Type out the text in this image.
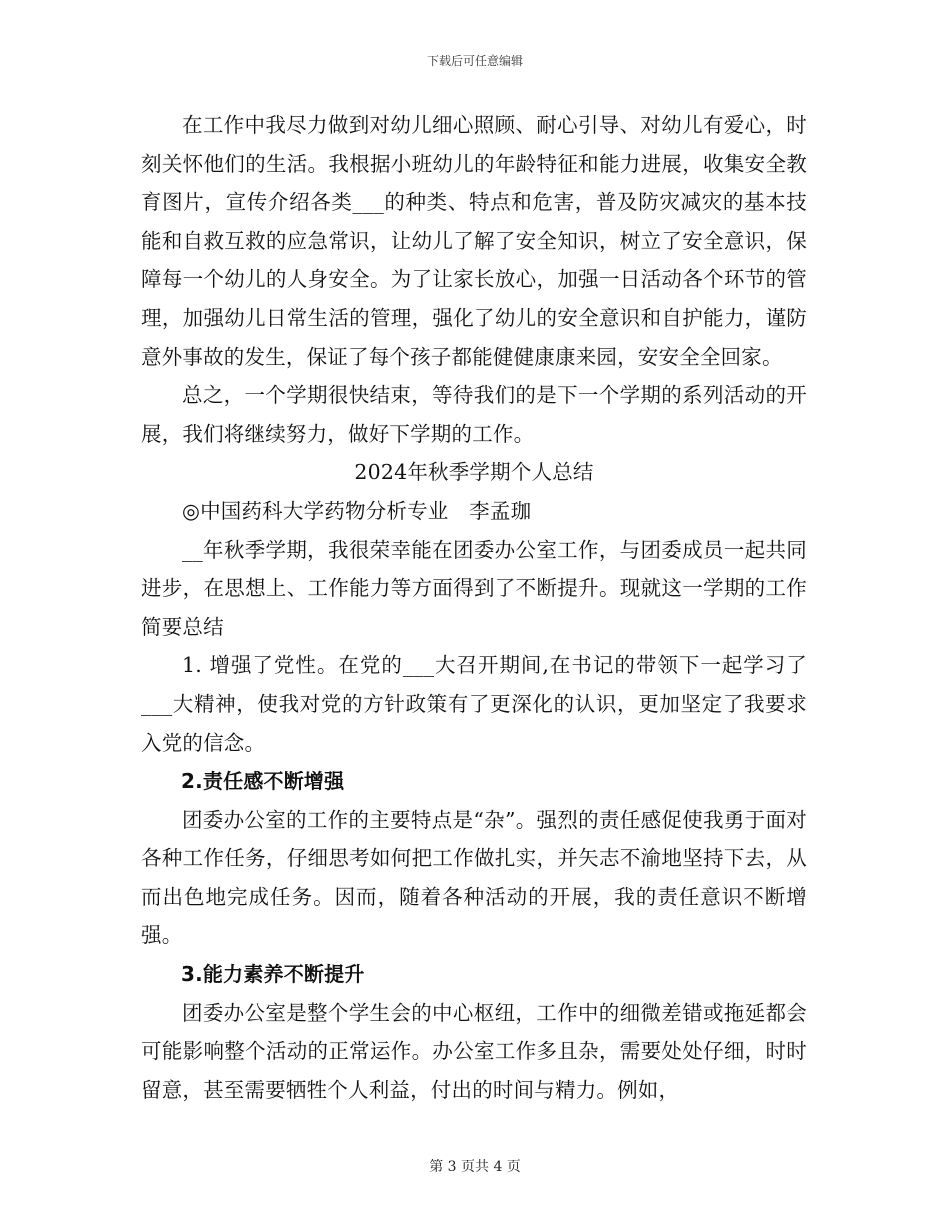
下载后可任意编辑

在工作中我尽力做到对幼儿细心照顾、耐心引导、对幼儿有爱心，时刻关怀他们的生活。我根据小班幼儿的年龄特征和能力进展，收集安全教育图片，宣传介绍各类___的种类、特点和危害，普及防灾减灾的基本技能和自救互救的应急常识，让幼儿了解了安全知识，树立了安全意识，保障每一个幼儿的人身安全。为了让家长放心，加强一日活动各个环节的管理，加强幼儿日常生活的管理，强化了幼儿的安全意识和自护能力，谨防意外事故的发生，保证了每个孩子都能健健康康来园，安安全全回家。

总之，一个学期很快结束，等待我们的是下一个学期的系列活动的开展，我们将继续努力，做好下学期的工作。

2024年秋季学期个人总结

◎中国药科大学药物分析专业　李孟珈

__年秋季学期，我很荣幸能在团委办公室工作，与团委成员一起共同进步，在思想上、工作能力等方面得到了不断提升。现就这一学期的工作简要总结

1. 增强了党性。在党的___大召开期间,在书记的带领下一起学习了___大精神，使我对党的方针政策有了更深化的认识，更加坚定了我要求入党的信念。

2.责任感不断增强

团委办公室的工作的主要特点是“杂”。强烈的责任感促使我勇于面对各种工作任务，仔细思考如何把工作做扎实，并矢志不渝地坚持下去，从而出色地完成任务。因而，随着各种活动的开展，我的责任意识不断增强。

3.能力素养不断提升

团委办公室是整个学生会的中心枢纽，工作中的细微差错或拖延都会可能影响整个活动的正常运作。办公室工作多且杂，需要处处仔细，时时留意，甚至需要牺牲个人利益，付出的时间与精力。例如，

第 3 页共 4 页
